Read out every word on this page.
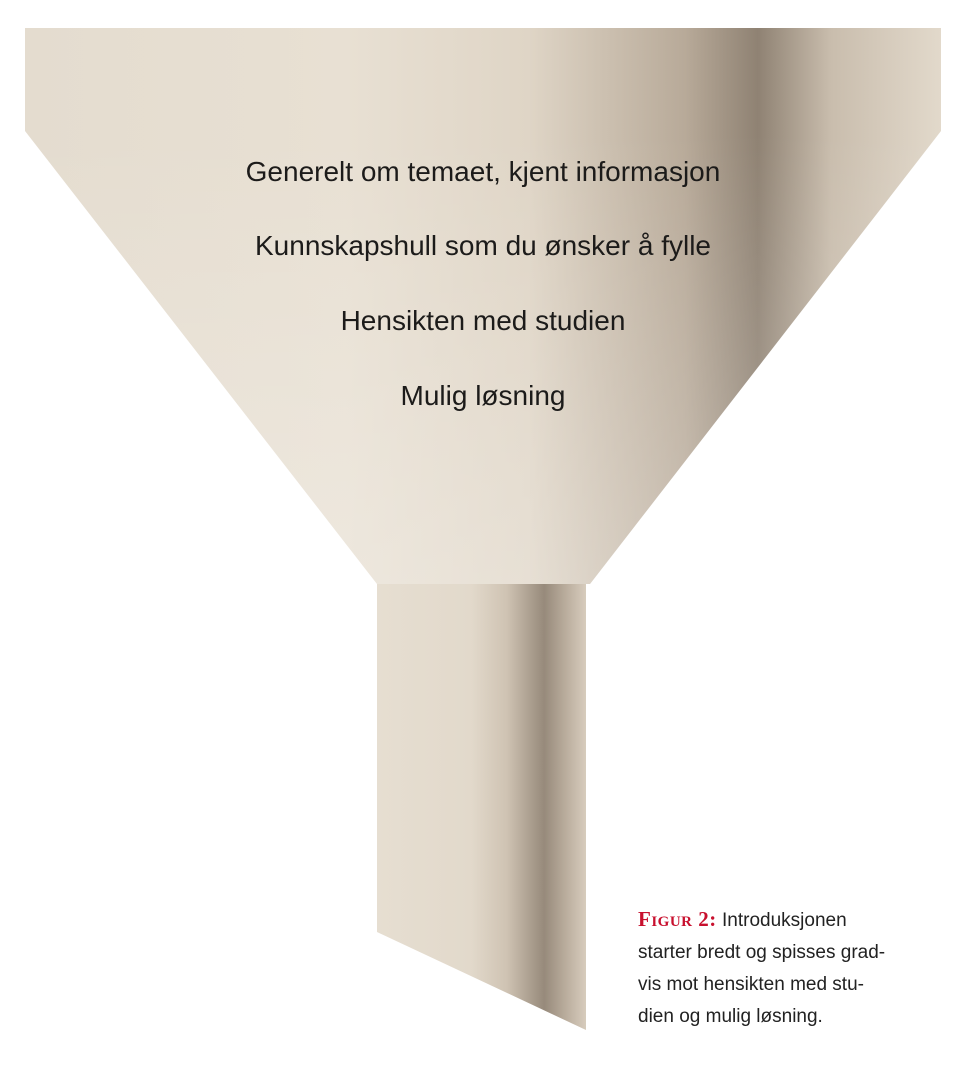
Generelt om temaet, kjent informasjon
Kunnskapshull som du ønsker å fylle
Hensikten med studien
Mulig løsning
Figur 2: Introduksjonen
starter bredt og spisses grad-
vis mot hensikten med stu-
dien og mulig løsning.
